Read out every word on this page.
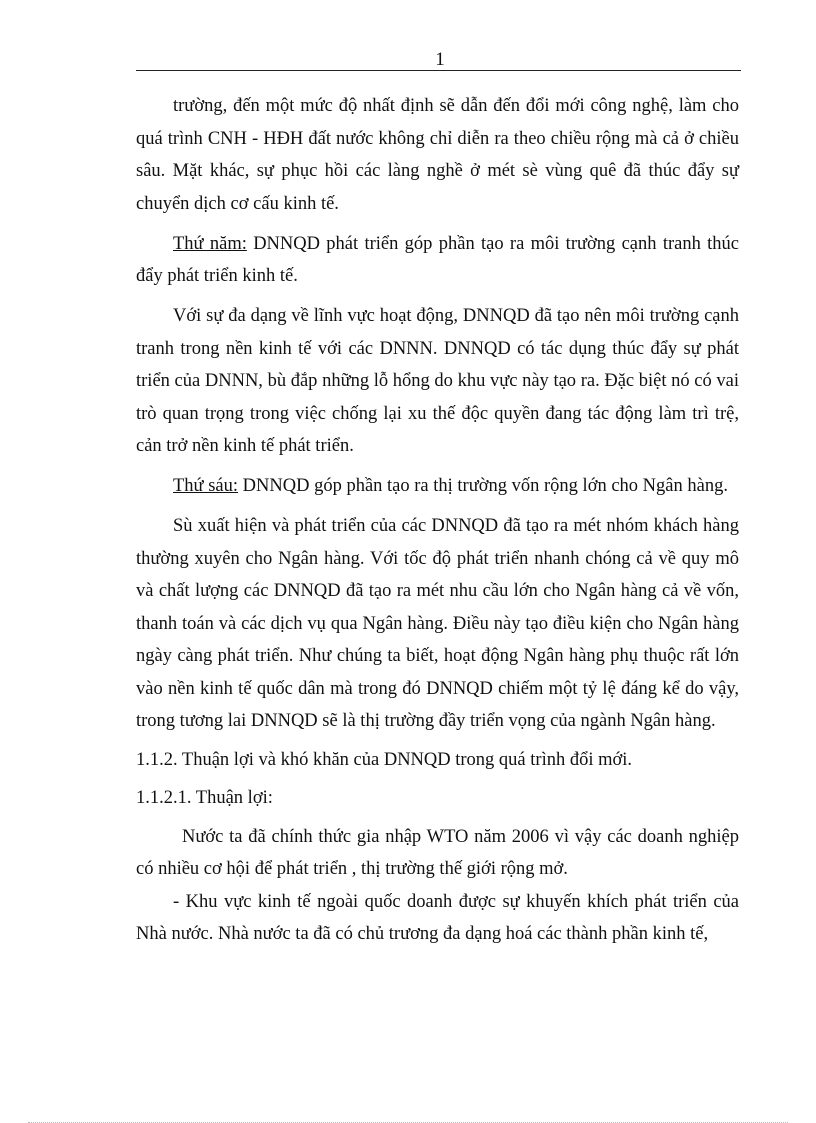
1

trường, đến một mức độ nhất định sẽ dẫn đến đổi mới công nghệ, làm cho quá trình CNH - HĐH đất nước không chỉ diễn ra theo chiều rộng mà cả ở chiều sâu. Mặt khác, sự phục hồi các làng nghề ở mét sè vùng quê đã thúc đẩy sự chuyển dịch cơ cấu kinh tế.

Thứ năm: DNNQD phát triển góp phần tạo ra môi trường cạnh tranh thúc đẩy phát triển kinh tế.

Với sự đa dạng về lĩnh vực hoạt động, DNNQD đã tạo nên môi trường cạnh tranh trong nền kinh tế với các DNNN. DNNQD có tác dụng thúc đẩy sự phát triển của DNNN, bù đắp những lỗ hổng do khu vực này tạo ra. Đặc biệt nó có vai trò quan trọng trong việc chống lại xu thế độc quyền đang tác động làm trì trệ, cản trở nền kinh tế phát triển.

Thứ sáu: DNNQD góp phần tạo ra thị trường vốn rộng lớn cho Ngân hàng.

Sù xuất hiện và phát triển của các DNNQD đã tạo ra mét nhóm khách hàng thường xuyên cho Ngân hàng. Với tốc độ phát triển nhanh chóng cả về quy mô và chất lượng các DNNQD đã tạo ra mét nhu cầu lớn cho Ngân hàng cả về vốn, thanh toán và các dịch vụ qua Ngân hàng. Điều này tạo điều kiện cho Ngân hàng ngày càng phát triển. Như chúng ta biết, hoạt động Ngân hàng phụ thuộc rất lớn vào nền kinh tế quốc dân mà trong đó DNNQD chiếm một tỷ lệ đáng kể do vậy, trong tương lai DNNQD sẽ là thị trường đầy triển vọng của ngành Ngân hàng.

1.1.2. Thuận lợi và khó khăn của DNNQD trong quá trình đổi mới.

1.1.2.1. Thuận lợi:

Nước ta đã chính thức gia nhập WTO năm 2006 vì vậy các doanh nghiệp có nhiều cơ hội để phát triển , thị trường thế giới rộng mở.

- Khu vực kinh tế ngoài quốc doanh được sự khuyến khích phát triển của Nhà nước. Nhà nước ta đã có chủ trương đa dạng hoá các thành phần kinh tế,
